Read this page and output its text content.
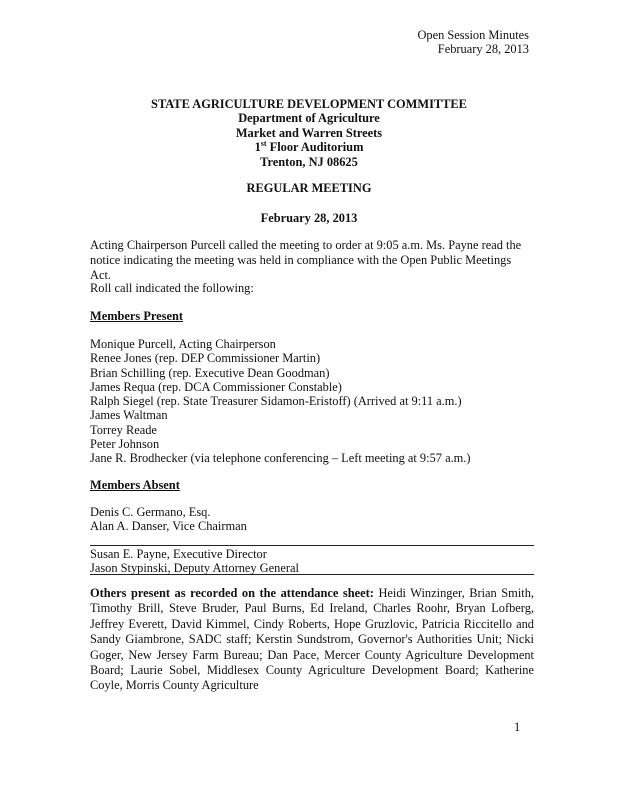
Open Session Minutes
February 28, 2013
STATE AGRICULTURE DEVELOPMENT COMMITTEE
Department of Agriculture
Market and Warren Streets
1st Floor Auditorium
Trenton, NJ 08625
REGULAR MEETING
February 28, 2013
Acting Chairperson Purcell called the meeting to order at 9:05 a.m. Ms. Payne read the notice indicating the meeting was held in compliance with the Open Public Meetings Act.
Roll call indicated the following:
Members Present
Monique Purcell, Acting Chairperson
Renee Jones (rep. DEP Commissioner Martin)
Brian Schilling (rep. Executive Dean Goodman)
James Requa (rep. DCA Commissioner Constable)
Ralph Siegel (rep. State Treasurer Sidamon-Eristoff) (Arrived at 9:11 a.m.)
James Waltman
Torrey Reade
Peter Johnson
Jane R. Brodhecker (via telephone conferencing – Left meeting at 9:57 a.m.)
Members Absent
Denis C. Germano, Esq.
Alan A. Danser, Vice Chairman
Susan E. Payne, Executive Director
Jason Stypinski, Deputy Attorney General
Others present as recorded on the attendance sheet: Heidi Winzinger, Brian Smith, Timothy Brill, Steve Bruder, Paul Burns, Ed Ireland, Charles Roohr, Bryan Lofberg, Jeffrey Everett, David Kimmel, Cindy Roberts, Hope Gruzlovic, Patricia Riccitello and Sandy Giambrone, SADC staff; Kerstin Sundstrom, Governor's Authorities Unit; Nicki Goger, New Jersey Farm Bureau; Dan Pace, Mercer County Agriculture Development Board; Laurie Sobel, Middlesex County Agriculture Development Board; Katherine Coyle, Morris County Agriculture
1
